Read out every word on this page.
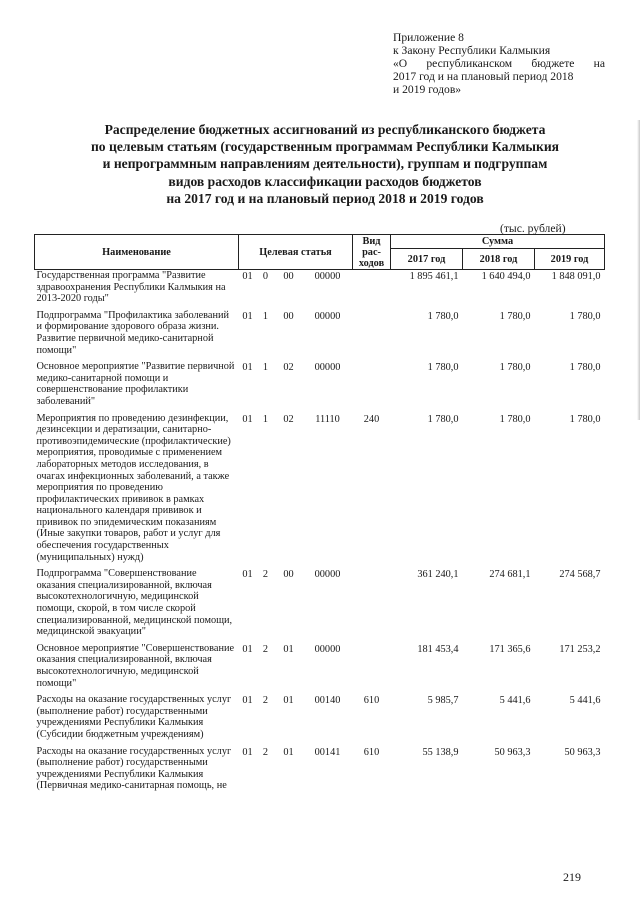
Приложение 8
к Закону Республики Калмыкия
«О республиканском бюджете на
2017 год и на плановый период 2018
и 2019 годов»
Распределение бюджетных ассигнований из республиканского бюджета
по целевым статьям (государственным программам Республики Калмыкия
и непрограммным направлениям деятельности), группам и подгруппам
видов расходов классификации расходов бюджетов
на 2017 год и на плановый период 2018 и 2019 годов
(тыс. рублей)
Наименование	Целевая статья				Вид рас-ходов	Сумма		
						2017 год	2018 год	2019 год
Государственная программа "Развитие здравоохранения Республики Калмыкия на 2013-2020 годы"	01	0	00	00000		1 895 461,1	1 640 494,0	1 848 091,0
Подпрограмма "Профилактика заболеваний и формирование здорового образа жизни. Развитие первичной медико-санитарной помощи"	01	1	00	00000		1 780,0	1 780,0	1 780,0
Основное мероприятие "Развитие первичной медико-санитарной помощи и совершенствование профилактики заболеваний"	01	1	02	00000		1 780,0	1 780,0	1 780,0
Мероприятия по проведению дезинфекции, дезинсекции и дератизации, санитарно-противоэпидемические (профилактические) мероприятия, проводимые с применением лабораторных методов исследования, в очагах инфекционных заболеваний, а также мероприятия по проведению профилактических прививок в рамках национального календаря прививок и прививок по эпидемическим показаниям (Иные закупки товаров, работ и услуг для обеспечения государственных (муниципальных) нужд)	01	1	02	11110	240	1 780,0	1 780,0	1 780,0
Подпрограмма "Совершенствование оказания специализированной, включая высокотехнологичную, медицинской помощи, скорой, в том числе скорой специализированной, медицинской помощи, медицинской эвакуации"	01	2	00	00000		361 240,1	274 681,1	274 568,7
Основное мероприятие "Совершенствование оказания специализированной, включая высокотехнологичную, медицинской помощи"	01	2	01	00000		181 453,4	171 365,6	171 253,2
Расходы на оказание государственных услуг (выполнение работ) государственными учреждениями Республики Калмыкия (Субсидии бюджетным учреждениям)	01	2	01	00140	610	5 985,7	5 441,6	5 441,6
Расходы на оказание государственных услуг (выполнение работ) государственными учреждениями Республики Калмыкия (Первичная медико-санитарная помощь, не	01	2	01	00141	610	55 138,9	50 963,3	50 963,3
219
